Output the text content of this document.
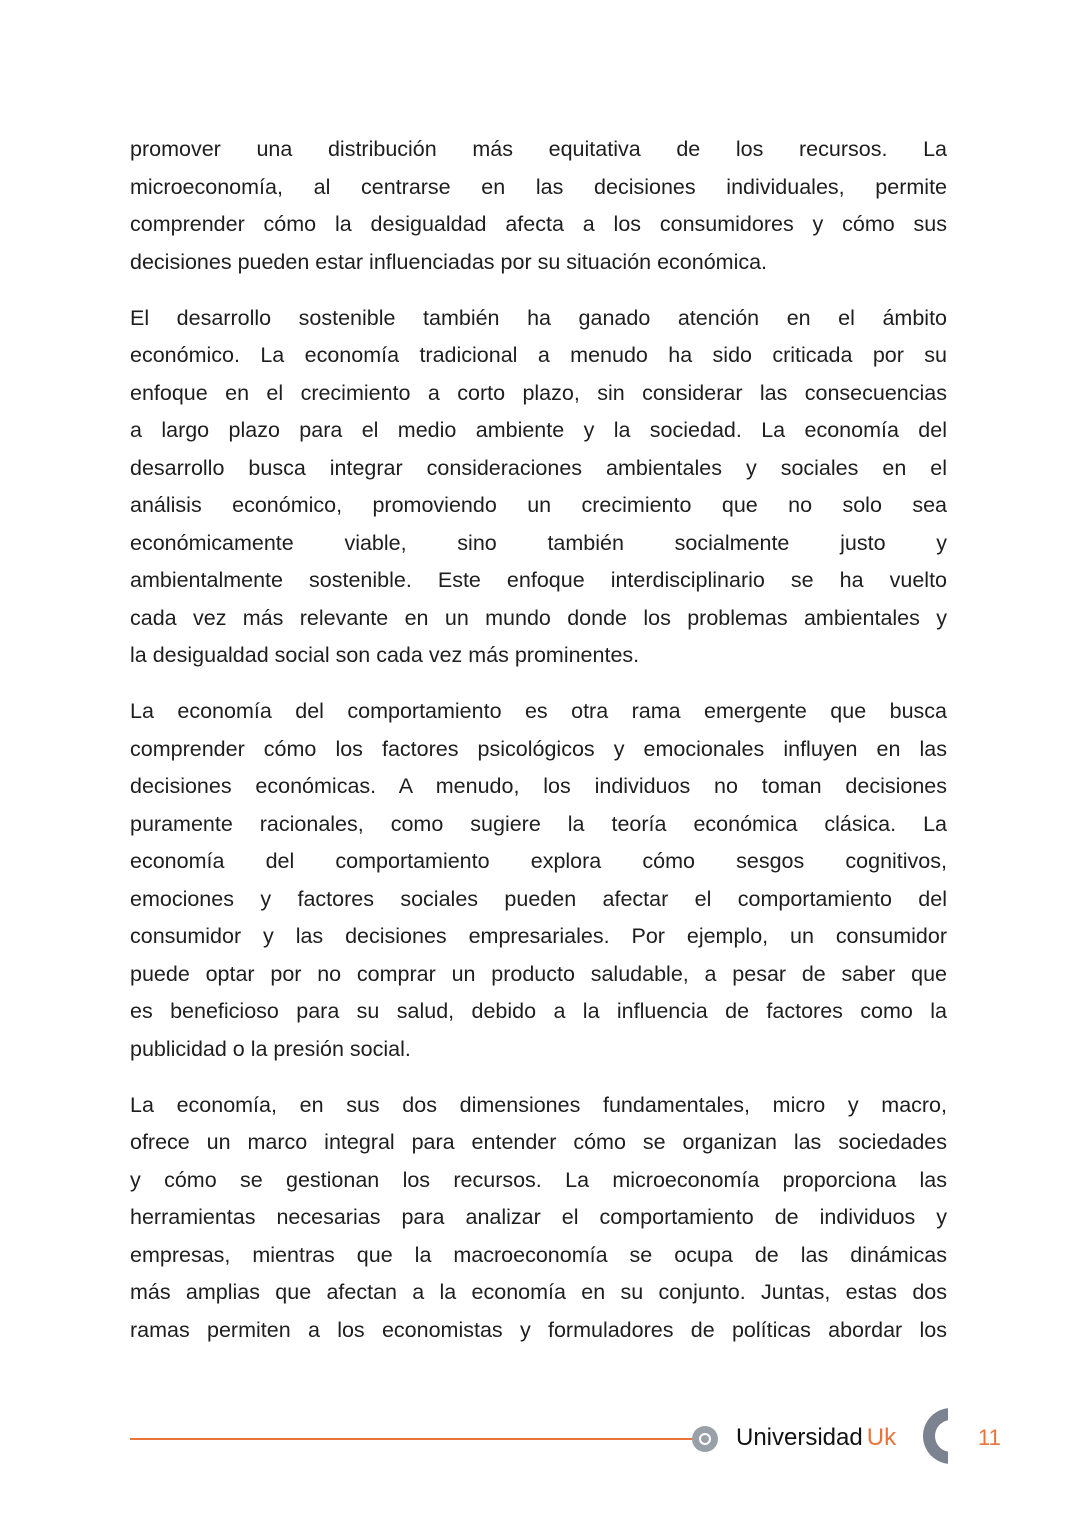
promover una distribución más equitativa de los recursos. La
microeconomía, al centrarse en las decisiones individuales, permite
comprender cómo la desigualdad afecta a los consumidores y cómo sus
decisiones pueden estar influenciadas por su situación económica.
El desarrollo sostenible también ha ganado atención en el ámbito
económico. La economía tradicional a menudo ha sido criticada por su
enfoque en el crecimiento a corto plazo, sin considerar las consecuencias
a largo plazo para el medio ambiente y la sociedad. La economía del
desarrollo busca integrar consideraciones ambientales y sociales en el
análisis económico, promoviendo un crecimiento que no solo sea
económicamente viable, sino también socialmente justo y
ambientalmente sostenible. Este enfoque interdisciplinario se ha vuelto
cada vez más relevante en un mundo donde los problemas ambientales y
la desigualdad social son cada vez más prominentes.
La economía del comportamiento es otra rama emergente que busca
comprender cómo los factores psicológicos y emocionales influyen en las
decisiones económicas. A menudo, los individuos no toman decisiones
puramente racionales, como sugiere la teoría económica clásica. La
economía del comportamiento explora cómo sesgos cognitivos,
emociones y factores sociales pueden afectar el comportamiento del
consumidor y las decisiones empresariales. Por ejemplo, un consumidor
puede optar por no comprar un producto saludable, a pesar de saber que
es beneficioso para su salud, debido a la influencia de factores como la
publicidad o la presión social.
La economía, en sus dos dimensiones fundamentales, micro y macro,
ofrece un marco integral para entender cómo se organizan las sociedades
y cómo se gestionan los recursos. La microeconomía proporciona las
herramientas necesarias para analizar el comportamiento de individuos y
empresas, mientras que la macroeconomía se ocupa de las dinámicas
más amplias que afectan a la economía en su conjunto. Juntas, estas dos
ramas permiten a los economistas y formuladores de políticas abordar los
Universidad Uk	11
